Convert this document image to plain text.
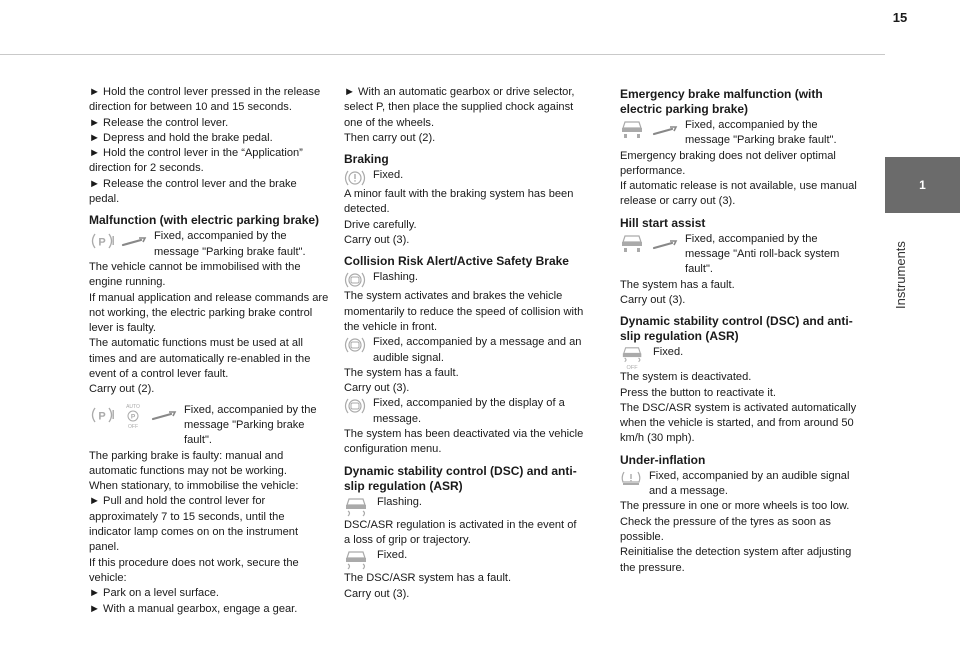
15
1
Instruments
► Hold the control lever pressed in the release direction for between 10 and 15 seconds.
► Release the control lever.
► Depress and hold the brake pedal.
► Hold the control lever in the “Application” direction for 2 seconds.
► Release the control lever and the brake pedal.
Malfunction (with electric parking brake)
P
Fixed, accompanied by the message "Parking brake fault".
The vehicle cannot be immobilised with the engine running.
If manual application and release commands are not working, the electric parking brake control lever is faulty.
The automatic functions must be used at all times and are automatically re-enabled in the event of a control lever fault.
Carry out (2).
P
AUTO
P
OFF
Fixed, accompanied by the message "Parking brake fault".
The parking brake is faulty: manual and automatic functions may not be working.
When stationary, to immobilise the vehicle:
► Pull and hold the control lever for approximately 7 to 15 seconds, until the indicator lamp comes on on the instrument panel.
If this procedure does not work, secure the vehicle:
► Park on a level surface.
► With a manual gearbox, engage a gear.
► With an automatic gearbox or drive selector, select P, then place the supplied chock against one of the wheels.
Then carry out (2).
Braking
Fixed.
A minor fault with the braking system has been detected.
Drive carefully.
Carry out (3).
Collision Risk Alert/Active Safety Brake
Flashing.
The system activates and brakes the vehicle momentarily to reduce the speed of collision with the vehicle in front.
Fixed, accompanied by a message and an audible signal.
The system has a fault.
Carry out (3).
Fixed, accompanied by the display of a message.
The system has been deactivated via the vehicle configuration menu.
Dynamic stability control (DSC) and anti-slip regulation (ASR)
Flashing.
DSC/ASR regulation is activated in the event of a loss of grip or trajectory.
Fixed.
The DSC/ASR system has a fault.
Carry out (3).
Emergency brake malfunction (with electric parking brake)
Fixed, accompanied by the message "Parking brake fault".
Emergency braking does not deliver optimal performance.
If automatic release is not available, use manual release or carry out (3).
Hill start assist
Fixed, accompanied by the message "Anti roll-back system fault".
The system has a fault.
Carry out (3).
Dynamic stability control (DSC) and anti-slip regulation (ASR)
OFF
Fixed.
The system is deactivated.
Press the button to reactivate it.
The DSC/ASR system is activated automatically when the vehicle is started, and from around 50 km/h (30 mph).
Under-inflation
Fixed, accompanied by an audible signal and a message.
The pressure in one or more wheels is too low.
Check the pressure of the tyres as soon as possible.
Reinitialise the detection system after adjusting the pressure.
